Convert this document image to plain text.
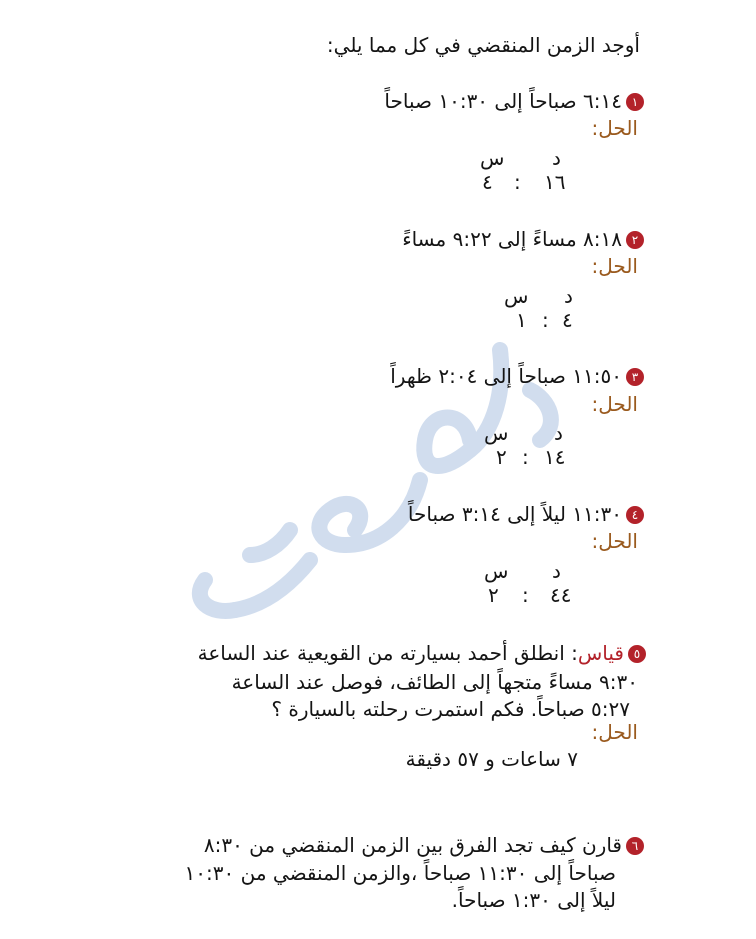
أوجد الزمن المنقضي في كل مما يلي:
١٦:١٤ صباحاً إلى ١٠:٣٠ صباحاً
الحل:
د
س
١٦
:
٤
٢٨:١٨ مساءً إلى ٩:٢٢ مساءً
الحل:
د
س
٤
:
١
٣١١:٥٠ صباحاً إلى ٢:٠٤ ظهراً
الحل:
د
س
١٤
:
٢
٤١١:٣٠ ليلاً إلى ٣:١٤ صباحاً
الحل:
د
س
٤٤
:
٢
٥قياس: انطلق أحمد بسيارته من القويعية عند الساعة
٩:٣٠ مساءً متجهاً إلى الطائف، فوصل عند الساعة
٥:٢٧ صباحاً. فكم استمرت رحلته بالسيارة ؟
الحل:
٧ ساعات و ٥٧ دقيقة
٦قارن كيف تجد الفرق بين الزمن المنقضي من ٨:٣٠
صباحاً إلى ١١:٣٠ صباحاً ،والزمن المنقضي من ١٠:٣٠
ليلاً إلى ١:٣٠ صباحاً.
